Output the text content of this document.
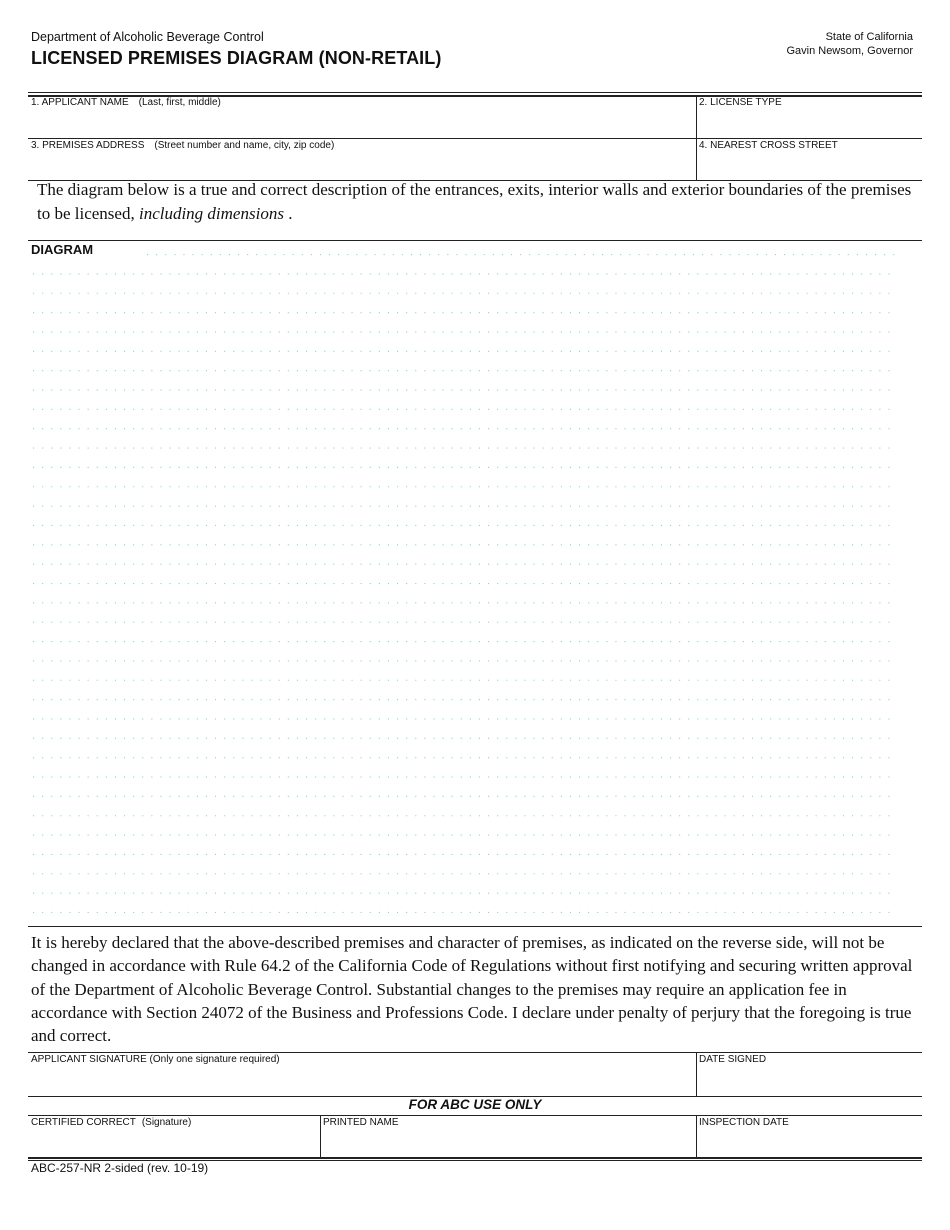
Department of Alcoholic Beverage Control
LICENSED PREMISES DIAGRAM (NON-RETAIL)
State of California
Gavin Newsom, Governor
1. APPLICANT NAME (Last, first, middle)	2. LICENSE TYPE
3. PREMISES ADDRESS (Street number and name, city, zip code)	4. NEAREST CROSS STREET
The diagram below is a true and correct description of the entrances, exits, interior walls and exterior boundaries of the premises to be licensed, including dimensions .
DIAGRAM
It is hereby declared that the above-described premises and character of premises, as indicated on the reverse side, will not be changed in accordance with Rule 64.2 of the California Code of Regulations without first notifying and securing written approval of the Department of Alcoholic Beverage Control. Substantial changes to the premises may require an application fee in accordance with Section 24072 of the Business and Professions Code. I declare under penalty of perjury that the foregoing is true and correct.
APPLICANT SIGNATURE (Only one signature required)	DATE SIGNED
FOR ABC USE ONLY
CERTIFIED CORRECT (Signature)	PRINTED NAME	INSPECTION DATE
ABC-257-NR 2-sided (rev. 10-19)
